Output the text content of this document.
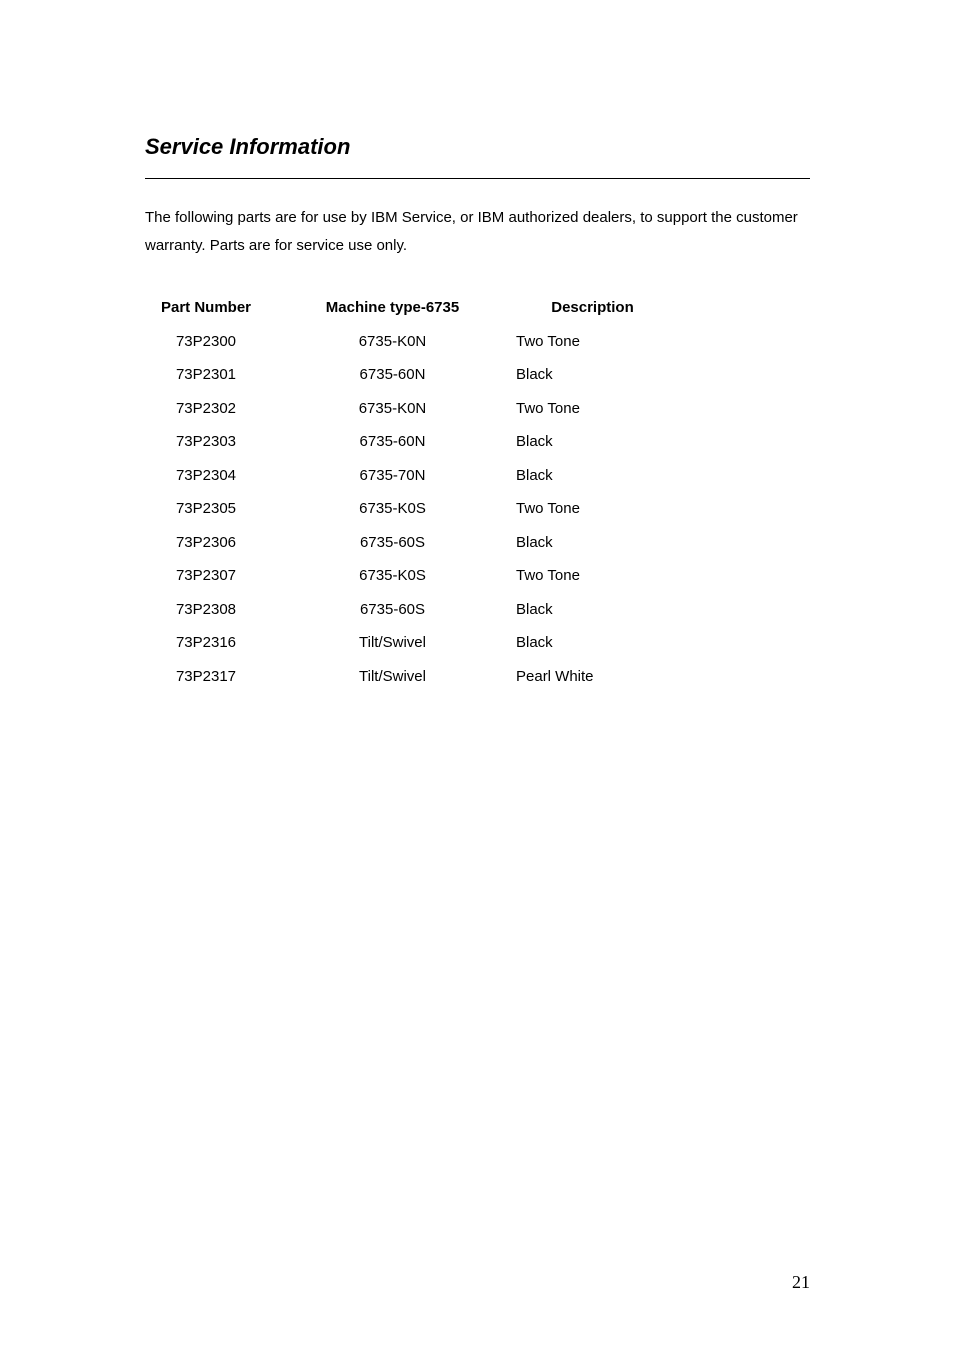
Service Information

The following parts are for use by IBM Service, or IBM authorized dealers, to support the customer warranty. Parts are for service use only.

Part Number	Machine type-6735	Description
73P2300	6735-K0N	Two Tone
73P2301	6735-60N	Black
73P2302	6735-K0N	Two Tone
73P2303	6735-60N	Black
73P2304	6735-70N	Black
73P2305	6735-K0S	Two Tone
73P2306	6735-60S	Black
73P2307	6735-K0S	Two Tone
73P2308	6735-60S	Black
73P2316	Tilt/Swivel	Black
73P2317	Tilt/Swivel	Pearl White
21
